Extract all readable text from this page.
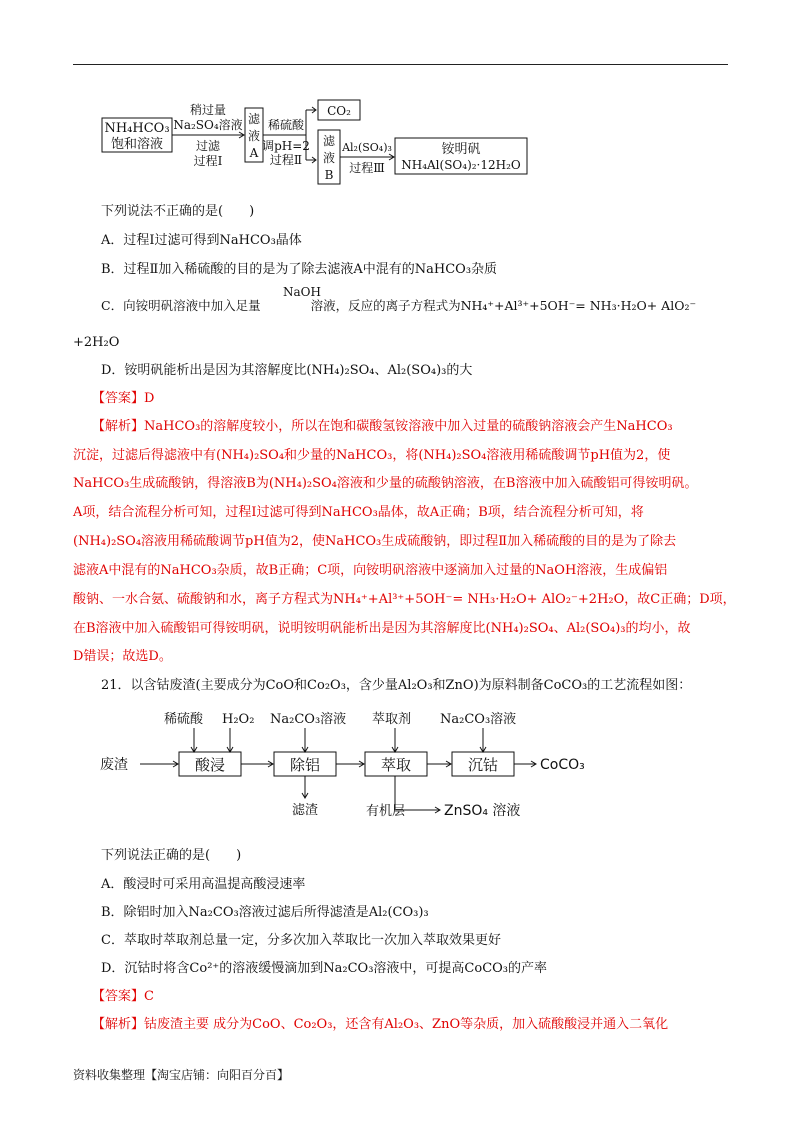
NH₄HCO₃
饱和溶液
稍过量
Na₂SO₄溶液
过滤
过程Ⅰ
滤
液
A
稀硫酸
调pH=2
过程Ⅱ
CO₂
滤
液
B
Al₂(SO₄)₃
过程Ⅲ
铵明矾
NH₄Al(SO₄)₂·12H₂O
下列说法不正确的是(　　)
A．过程Ⅰ过滤可得到NaHCO₃晶体
B．过程Ⅱ加入稀硫酸的目的是为了除去滤液A中混有的NaHCO₃杂质
NaOH
C．向铵明矾溶液中加入足量　　　　溶液，反应的离子方程式为NH₄⁺+Al³⁺+5OH⁻= NH₃·H₂O+ AlO₂⁻
+2H₂O
D．铵明矾能析出是因为其溶解度比(NH₄)₂SO₄、Al₂(SO₄)₃的大
【答案】D
【解析】NaHCO₃的溶解度较小，所以在饱和碳酸氢铵溶液中加入过量的硫酸钠溶液会产生NaHCO₃
沉淀，过滤后得滤液中有(NH₄)₂SO₄和少量的NaHCO₃，将(NH₄)₂SO₄溶液用稀硫酸调节pH值为2，使
NaHCO₃生成硫酸钠，得溶液B为(NH₄)₂SO₄溶液和少量的硫酸钠溶液，在B溶液中加入硫酸铝可得铵明矾。
A项，结合流程分析可知，过程Ⅰ过滤可得到NaHCO₃晶体，故A正确；B项，结合流程分析可知，将
(NH₄)₂SO₄溶液用稀硫酸调节pH值为2，使NaHCO₃生成硫酸钠，即过程Ⅱ加入稀硫酸的目的是为了除去
滤液A中混有的NaHCO₃杂质，故B正确；C项，向铵明矾溶液中逐滴加入过量的NaOH溶液，生成偏铝
酸钠、一水合氨、硫酸钠和水，离子方程式为NH₄⁺+Al³⁺+5OH⁻= NH₃·H₂O+ AlO₂⁻+2H₂O，故C正确；D项，
在B溶液中加入硫酸铝可得铵明矾，说明铵明矾能析出是因为其溶解度比(NH₄)₂SO₄、Al₂(SO₄)₃的均小，故
D错误；故选D。
21．以含钴废渣(主要成分为CoO和Co₂O₃，含少量Al₂O₃和ZnO)为原料制备CoCO₃的工艺流程如图：
废渣	酸浸	除铝	萃取	沉钴	CoCO₃
稀硫酸 H₂O₂ Na₂CO₃溶液 萃取剂 Na₂CO₃溶液
滤渣	有机层	ZnSO₄ 溶液
下列说法正确的是(　　)
A．酸浸时可采用高温提高酸浸速率
B．除铝时加入Na₂CO₃溶液过滤后所得滤渣是Al₂(CO₃)₃
C．萃取时萃取剂总量一定，分多次加入萃取比一次加入萃取效果更好
D．沉钴时将含Co²⁺的溶液缓慢滴加到Na₂CO₃溶液中，可提高CoCO₃的产率
【答案】C
【解析】钴废渣主要 成分为CoO、Co₂O₃，还含有Al₂O₃、ZnO等杂质，加入硫酸酸浸并通入二氧化
资料收集整理【淘宝店铺：向阳百分百】
